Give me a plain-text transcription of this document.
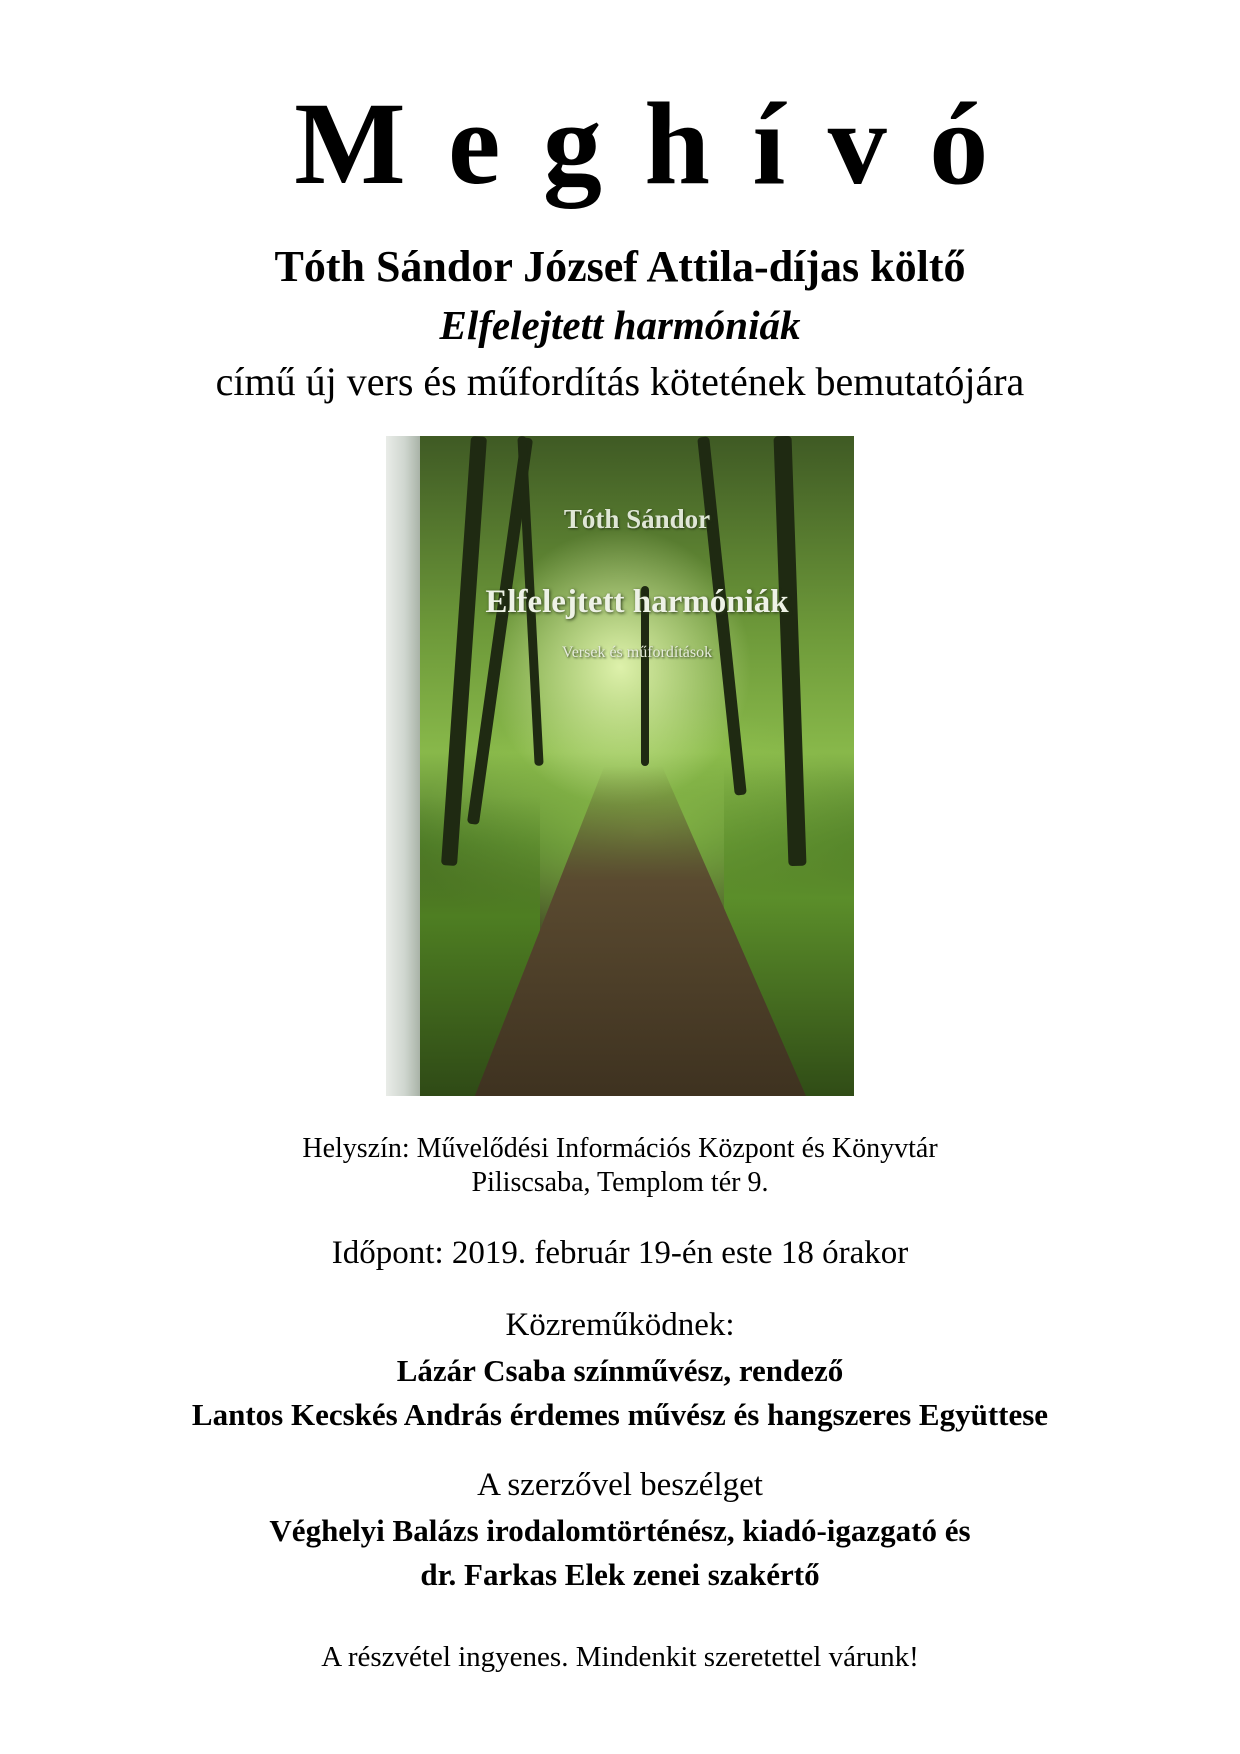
Meghívó
Tóth Sándor József Attila-díjas költő
Elfelejtett harmóniák
című új vers és műfordítás kötetének bemutatójára
Tóth Sándor
Elfelejtett harmóniák
Versek és műfordítások
Helyszín: Művelődési Információs Központ és Könyvtár
Piliscsaba, Templom tér 9.
Időpont: 2019. február 19-én este 18 órakor
Közreműködnek:
Lázár Csaba színművész, rendező
Lantos Kecskés András érdemes művész és hangszeres Együttese
A szerzővel beszélget
Véghelyi Balázs irodalomtörténész, kiadó-igazgató és
dr. Farkas Elek zenei szakértő
A részvétel ingyenes. Mindenkit szeretettel várunk!
